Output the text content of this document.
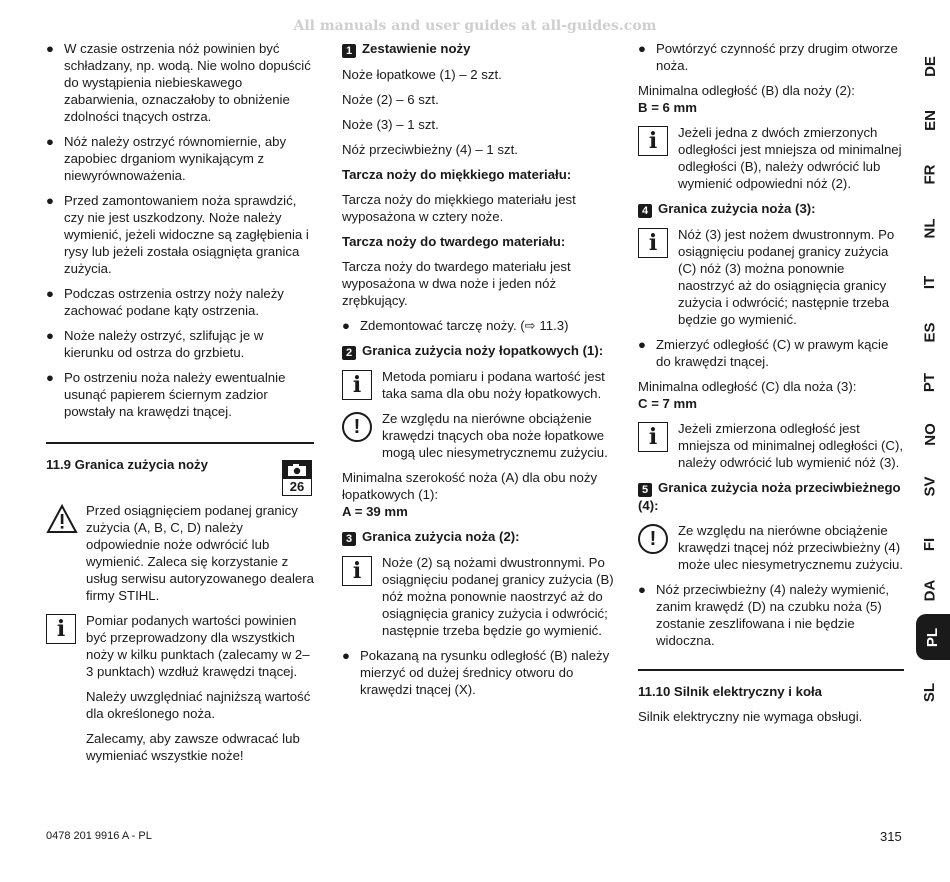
All manuals and user guides at all-guides.com
● W czasie ostrzenia nóż powinien być schładzany, np. wodą. Nie wolno dopuścić do wystąpienia niebieskawego zabarwienia, oznaczałoby to obniżenie zdolności tnących ostrza.
● Nóż należy ostrzyć równomiernie, aby zapobiec drganiom wynikającym z niewyrównoważenia.
● Przed zamontowaniem noża sprawdzić, czy nie jest uszkodzony. Noże należy wymienić, jeżeli widoczne są zagłębienia i rysy lub jeżeli została osiągnięta granica zużycia.
● Podczas ostrzenia ostrzy noży należy zachować podane kąty ostrzenia.
● Noże należy ostrzyć, szlifując je w kierunku od ostrza do grzbietu.
● Po ostrzeniu noża należy ewentualnie usunąć papierem ściernym zadzior powstały na krawędzi tnącej.
11.9 Granica zużycia noży
26
Przed osiągnięciem podanej granicy zużycia (A, B, C, D) należy odpowiednie noże odwrócić lub wymienić. Zaleca się korzystanie z usług serwisu autoryzowanego dealera firmy STIHL.
i	Pomiar podanych wartości powinien być przeprowadzony dla wszystkich noży w kilku punktach (zalecamy w 2–3 punktach) wzdłuż krawędzi tnącej.

Należy uwzględniać najniższą wartość dla określonego noża.

Zalecamy, aby zawsze odwracać lub wymieniać wszystkie noże!

1 Zestawienie noży

Noże łopatkowe (1) – 2 szt.

Noże (2) – 6 szt.

Noże (3) – 1 szt.

Nóż przeciwbieżny (4) – 1 szt.

Tarcza noży do miękkiego materiału:

Tarcza noży do miękkiego materiału jest wyposażona w cztery noże.

Tarcza noży do twardego materiału:

Tarcza noży do twardego materiału jest wyposażona w dwa noże i jeden nóż zrębkujący.

● Zdemontować tarczę noży. (⇨ 11.3)
2 Granica zużycia noży łopatkowych (1):
i	Metoda pomiaru i podana wartość jest taka sama dla obu noży łopatkowych.
!	Ze względu na nierówne obciążenie krawędzi tnących oba noże łopatkowe mogą ulec niesymetrycznemu zużyciu.

Minimalna szerokość noża (A) dla obu noży łopatkowych (1):

A = 39 mm

3 Granica zużycia noża (2):
i	Noże (2) są nożami dwustronnymi. Po osiągnięciu podanej granicy zużycia (B) nóż można ponownie naostrzyć aż do osiągnięcia granicy zużycia i odwrócić; następnie trzeba będzie go wymienić.
● Pokazaną na rysunku odległość (B) należy mierzyć od dużej średnicy otworu do krawędzi tnącej (X).
● Powtórzyć czynność przy drugim otworze noża.

Minimalna odległość (B) dla noży (2):

B = 6 mm

i	Jeżeli jedna z dwóch zmierzonych odległości jest mniejsza od minimalnej odległości (B), należy odwrócić lub wymienić odpowiedni nóż (2).
4 Granica zużycia noża (3):
i	Nóż (3) jest nożem dwustronnym. Po osiągnięciu podanej granicy zużycia (C) nóż (3) można ponownie naostrzyć aż do osiągnięcia granicy zużycia i odwrócić; następnie trzeba będzie go wymienić.
● Zmierzyć odległość (C) w prawym kącie do krawędzi tnącej.

Minimalna odległość (C) dla noża (3):

C = 7 mm

i	Jeżeli zmierzona odległość jest mniejsza od minimalnej odległości (C), należy odwrócić lub wymienić nóż (3).
5 Granica zużycia noża przeciwbieżnego (4):
!	Ze względu na nierówne obciążenie krawędzi tnącej nóż przeciwbieżny (4) może ulec niesymetrycznemu zużyciu.
● Nóż przeciwbieżny (4) należy wymienić, zanim krawędź (D) na czubku noża (5) zostanie zeszlifowana i nie będzie widoczna.
11.10 Silnik elektryczny i koła

Silnik elektryczny nie wymaga obsługi.

DE
EN
FR
NL
IT
ES
PT
NO
SV
FI
DA
PL
SL
0478 201 9916 A - PL	315
